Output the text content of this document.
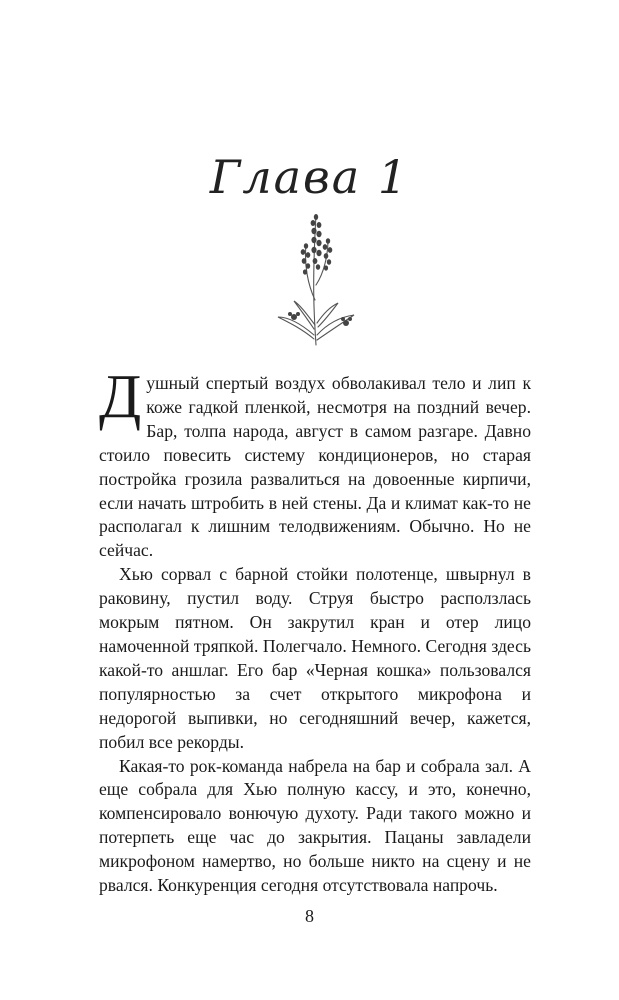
Глава 1

Душный спертый воздух обволакивал тело и лип к коже гадкой пленкой, несмотря на поздний вечер. Бар, толпа народа, август в самом разгаре. Давно стоило повесить систему кондиционеров, но старая постройка грозила развалиться на довоенные кирпичи, если начать штробить в ней стены. Да и климат как-то не располагал к лишним телодвижениям. Обычно. Но не сейчас.

Хью сорвал с барной стойки полотенце, швырнул в раковину, пустил воду. Струя быстро расползлась мокрым пятном. Он закрутил кран и отер лицо намоченной тряпкой. Полегчало. Немного. Сегодня здесь какой-то аншлаг. Его бар «Черная кошка» пользовался популярностью за счет открытого микрофона и недорогой выпивки, но сегодняшний вечер, кажется, побил все рекорды.

Какая-то рок-команда набрела на бар и собрала зал. А еще собрала для Хью полную кассу, и это, конечно, компенсировало вонючую духоту. Ради такого можно и потерпеть еще час до закрытия. Пацаны завладели микрофоном намертво, но больше никто на сцену и не рвался. Конкуренция сегодня отсутствовала напрочь.

8
